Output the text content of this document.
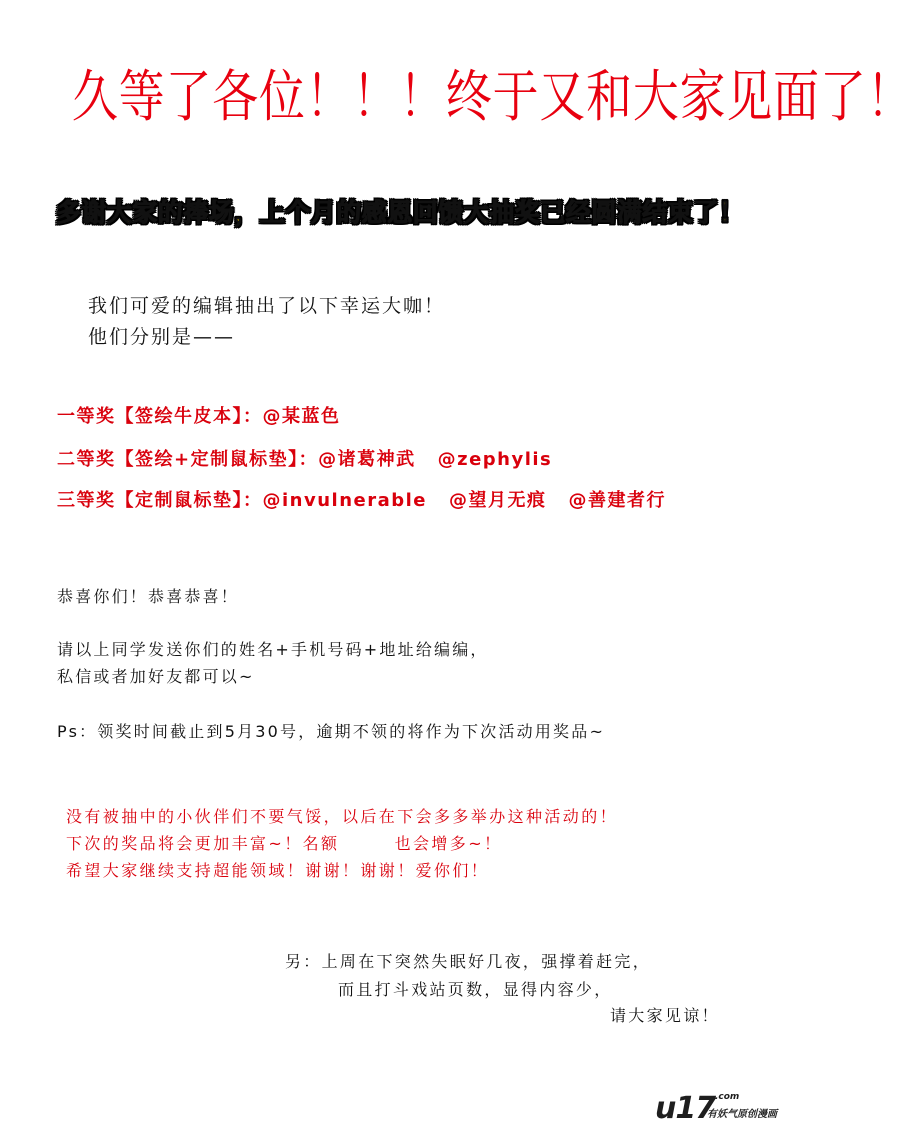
久等了各位！！！终于又和大家见面了！
多谢大家的捧场，上个月的感恩回馈大抽奖已经圆满结束了！
我们可爱的编辑抽出了以下幸运大咖！
他们分别是——
一等奖【签绘牛皮本】：@某蓝色
二等奖【签绘+定制鼠标垫】：@诸葛神武 @zephylis
三等奖【定制鼠标垫】：@invulnerable @望月无痕 @善建者行
恭喜你们！恭喜恭喜！
请以上同学发送你们的姓名+手机号码+地址给编编，
私信或者加好友都可以~
Ps：领奖时间截止到5月30号，逾期不领的将作为下次活动用奖品~
没有被抽中的小伙伴们不要气馁，以后在下会多多举办这种活动的！
下次的奖品将会更加丰富~！名额　　　也会增多~！
希望大家继续支持超能领域！谢谢！谢谢！爱你们！
另：上周在下突然失眠好几夜，强撑着赶完，
而且打斗戏站页数，显得内容少，
请大家见谅！
u17 .com
有妖气原创漫画
